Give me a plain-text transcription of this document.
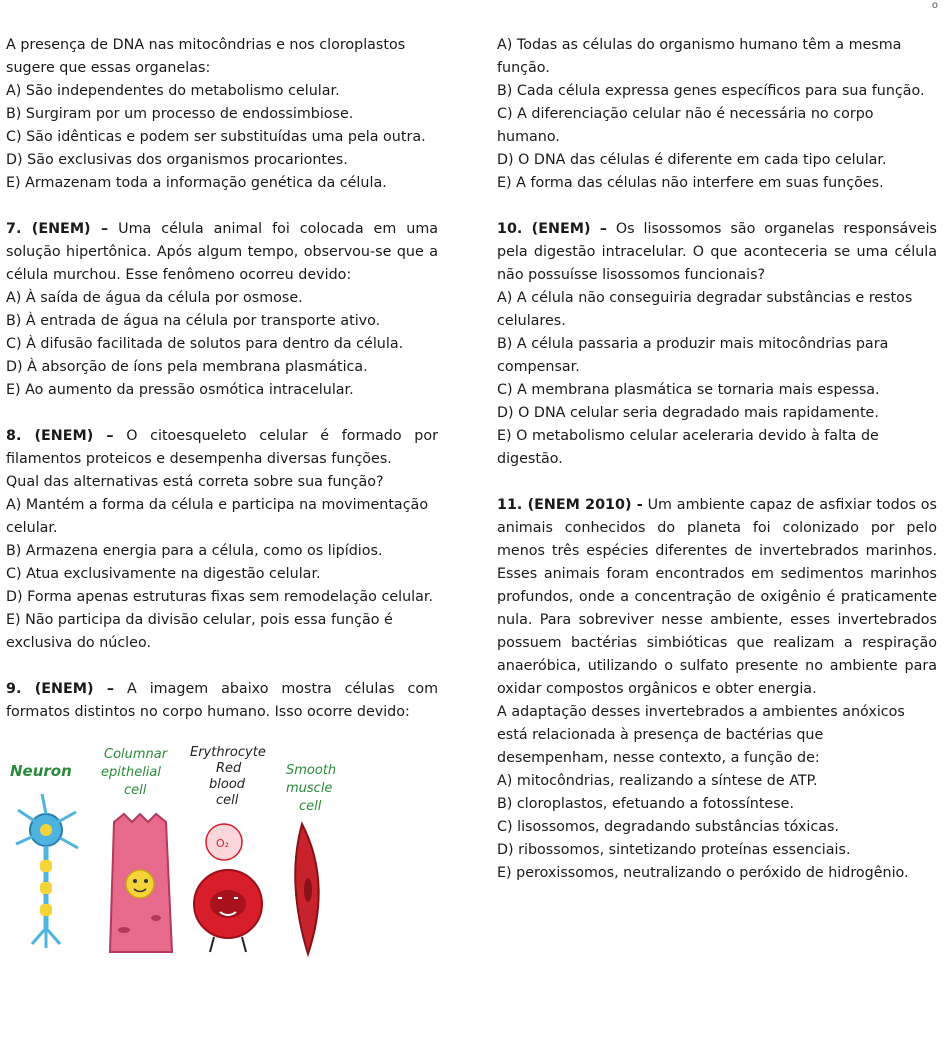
o

A presença de DNA nas mitocôndrias e nos cloroplastos sugere que essas organelas:

A) São independentes do metabolismo celular.

B) Surgiram por um processo de endossimbiose.

C) São idênticas e podem ser substituídas uma pela outra.

D) São exclusivas dos organismos procariontes.

E) Armazenam toda a informação genética da célula.

7. (ENEM) – Uma célula animal foi colocada em uma solução hipertônica. Após algum tempo, observou-se que a célula murchou. Esse fenômeno ocorreu devido:

A) À saída de água da célula por osmose.

B) À entrada de água na célula por transporte ativo.

C) À difusão facilitada de solutos para dentro da célula.

D) À absorção de íons pela membrana plasmática.

E) Ao aumento da pressão osmótica intracelular.

8. (ENEM) – O citoesqueleto celular é formado por filamentos proteicos e desempenha diversas funções.

Qual das alternativas está correta sobre sua função?

A) Mantém a forma da célula e participa na movimentação celular.

B) Armazena energia para a célula, como os lipídios.

C) Atua exclusivamente na digestão celular.

D) Forma apenas estruturas fixas sem remodelação celular.

E) Não participa da divisão celular, pois essa função é exclusiva do núcleo.

9. (ENEM) – A imagem abaixo mostra células com formatos distintos no corpo humano. Isso ocorre devido:

Neuron
Columnar
epithelial
cell
Erythrocyte
Red
blood
cell
Smooth
muscle
cell
O₂

A) Todas as células do organismo humano têm a mesma função.

B) Cada célula expressa genes específicos para sua função.

C) A diferenciação celular não é necessária no corpo humano.

D) O DNA das células é diferente em cada tipo celular.

E) A forma das células não interfere em suas funções.

10. (ENEM) – Os lisossomos são organelas responsáveis pela digestão intracelular. O que aconteceria se uma célula não possuísse lisossomos funcionais?

A) A célula não conseguiria degradar substâncias e restos celulares.

B) A célula passaria a produzir mais mitocôndrias para compensar.

C) A membrana plasmática se tornaria mais espessa.

D) O DNA celular seria degradado mais rapidamente.

E) O metabolismo celular aceleraria devido à falta de digestão.

11. (ENEM 2010) - Um ambiente capaz de asfixiar todos os animais conhecidos do planeta foi colonizado por pelo menos três espécies diferentes de invertebrados marinhos. Esses animais foram encontrados em sedimentos marinhos profundos, onde a concentração de oxigênio é praticamente nula. Para sobreviver nesse ambiente, esses invertebrados possuem bactérias simbióticas que realizam a respiração anaeróbica, utilizando o sulfato presente no ambiente para oxidar compostos orgânicos e obter energia.

A adaptação desses invertebrados a ambientes anóxicos está relacionada à presença de bactérias que desempenham, nesse contexto, a função de:

A) mitocôndrias, realizando a síntese de ATP.

B) cloroplastos, efetuando a fotossíntese.

C) lisossomos, degradando substâncias tóxicas.

D) ribossomos, sintetizando proteínas essenciais.

E) peroxissomos, neutralizando o peróxido de hidrogênio.
